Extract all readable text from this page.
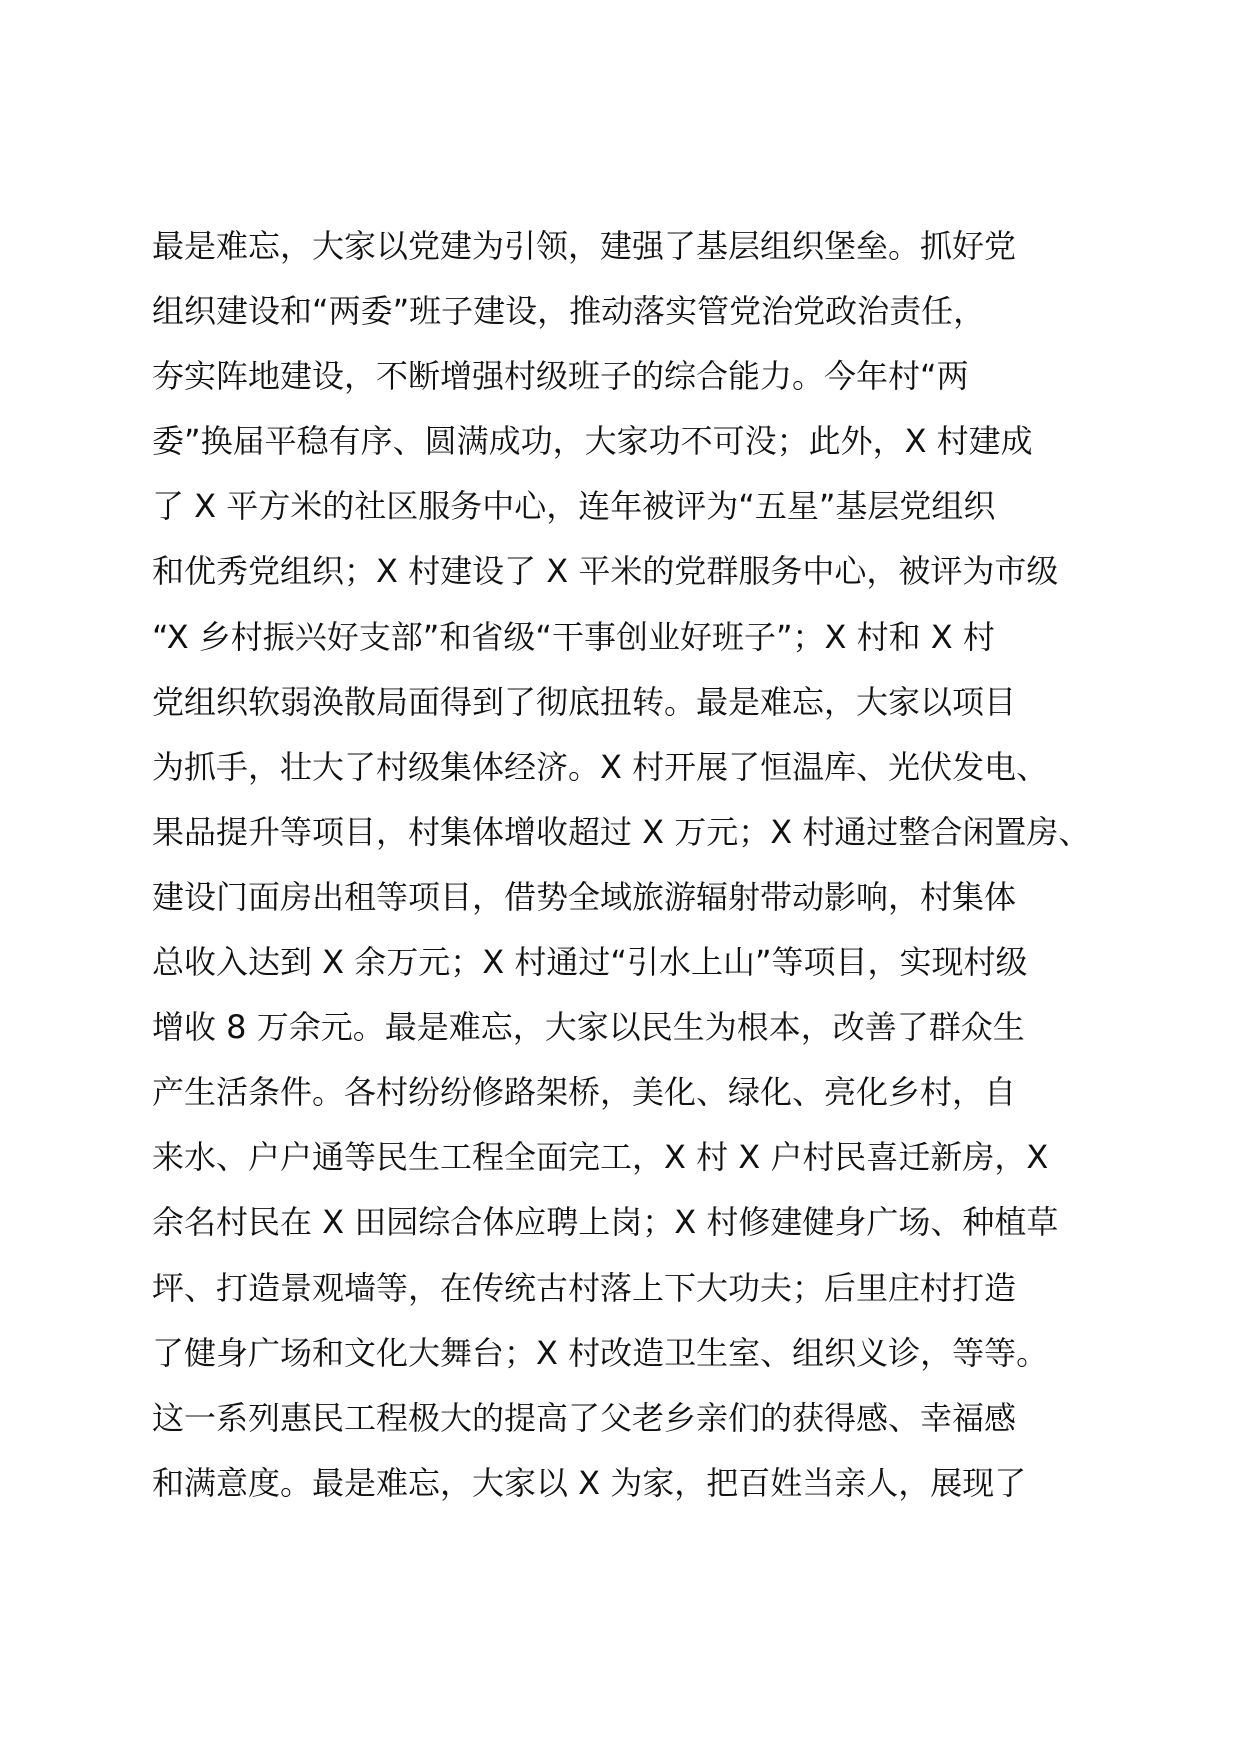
最是难忘，大家以党建为引领，建强了基层组织堡垒。抓好党
组织建设和“两委”班子建设，推动落实管党治党政治责任，
夯实阵地建设，不断增强村级班子的综合能力。今年村“两
委”换届平稳有序、圆满成功，大家功不可没；此外，X 村建成
了 X 平方米的社区服务中心，连年被评为“五星”基层党组织
和优秀党组织；X 村建设了 X 平米的党群服务中心，被评为市级
“X 乡村振兴好支部”和省级“干事创业好班子”；X 村和 X 村
党组织软弱涣散局面得到了彻底扭转。最是难忘，大家以项目
为抓手，壮大了村级集体经济。X 村开展了恒温库、光伏发电、
果品提升等项目，村集体增收超过 X 万元；X 村通过整合闲置房、
建设门面房出租等项目，借势全域旅游辐射带动影响，村集体
总收入达到 X 余万元；X 村通过“引水上山”等项目，实现村级
增收 8 万余元。最是难忘，大家以民生为根本，改善了群众生
产生活条件。各村纷纷修路架桥，美化、绿化、亮化乡村，自
来水、户户通等民生工程全面完工，X 村 X 户村民喜迁新房，X
余名村民在 X 田园综合体应聘上岗；X 村修建健身广场、种植草
坪、打造景观墙等，在传统古村落上下大功夫；后里庄村打造
了健身广场和文化大舞台；X 村改造卫生室、组织义诊，等等。
这一系列惠民工程极大的提高了父老乡亲们的获得感、幸福感
和满意度。最是难忘，大家以 X 为家，把百姓当亲人，展现了
